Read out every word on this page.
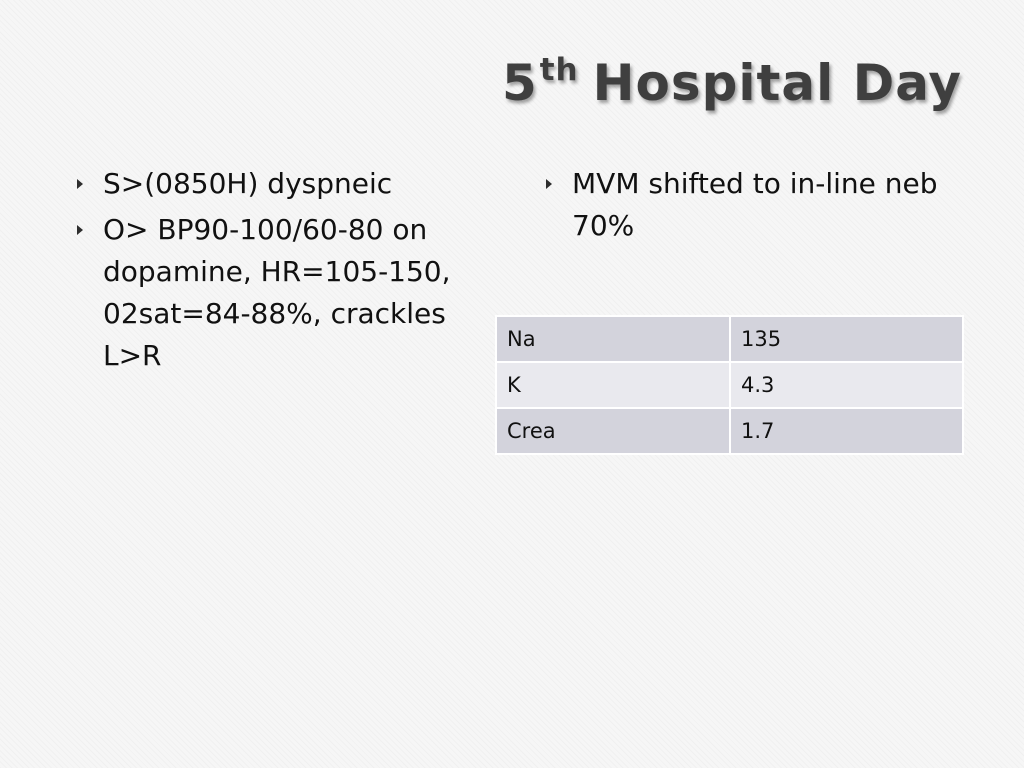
5th Hospital Day
S>(0850H) dyspneic
O> BP90-100/60-80 on dopamine, HR=105-150, 02sat=84-88%, crackles L>R
MVM shifted to in-line neb 70%
Na	135
K	4.3
Crea	1.7
